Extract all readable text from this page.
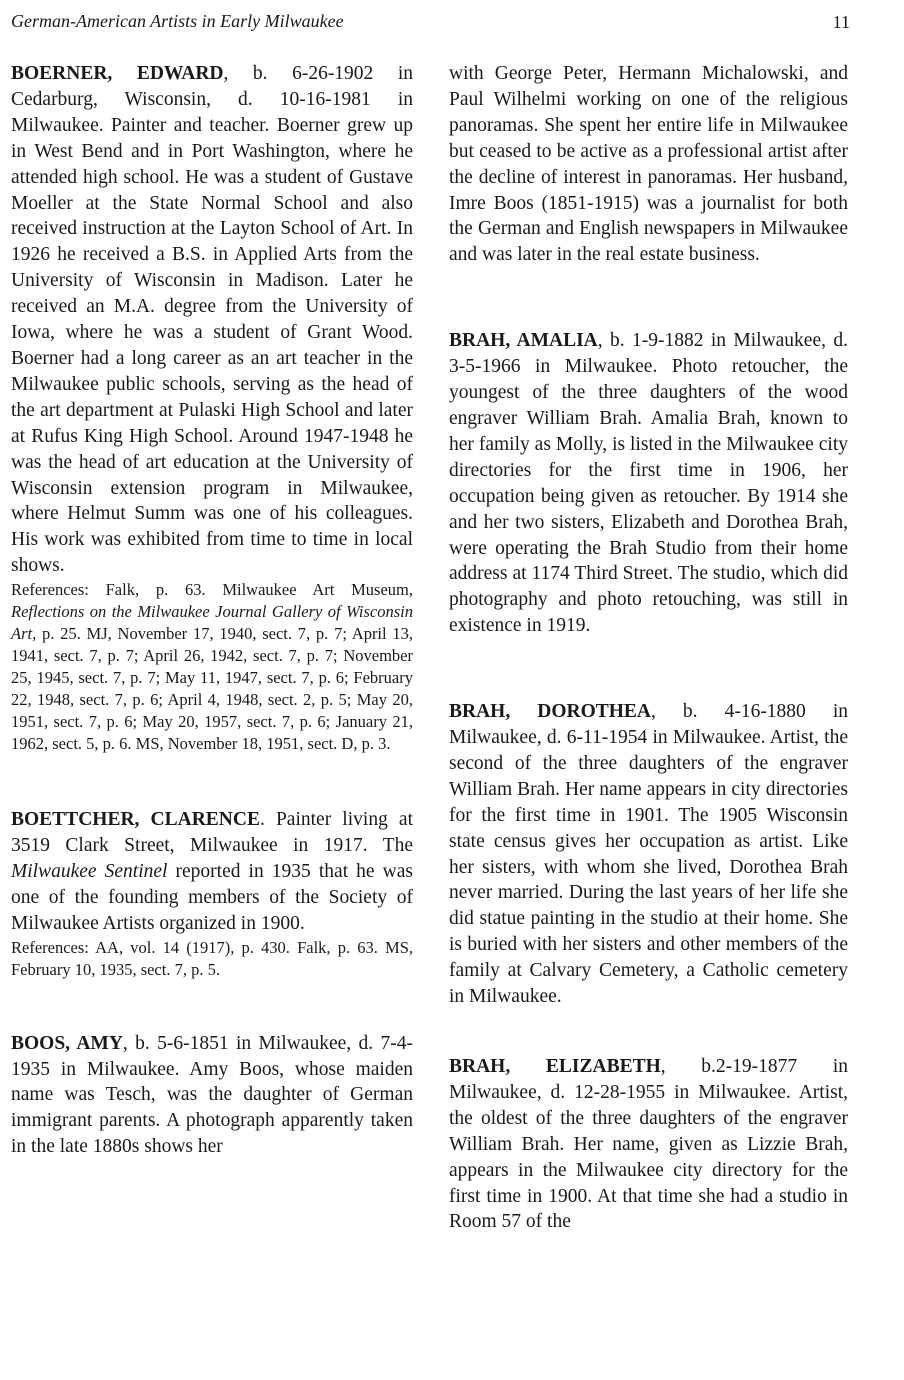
German-American Artists in Early Milwaukee	11

BOERNER, EDWARD, b. 6-26-1902 in Cedarburg, Wisconsin, d. 10-16-1981 in Milwaukee. Painter and teacher. Boerner grew up in West Bend and in Port Washington, where he attended high school. He was a student of Gustave Moeller at the State Normal School and also received instruction at the Layton School of Art. In 1926 he received a B.S. in Applied Arts from the University of Wisconsin in Madison. Later he received an M.A. degree from the University of Iowa, where he was a student of Grant Wood. Boerner had a long career as an art teacher in the Milwaukee public schools, serving as the head of the art department at Pulaski High School and later at Rufus King High School. Around 1947-1948 he was the head of art education at the University of Wisconsin extension program in Milwaukee, where Helmut Summ was one of his colleagues. His work was exhibited from time to time in local shows.

References: Falk, p. 63. Milwaukee Art Museum, Reflections on the Milwaukee Journal Gallery of Wisconsin Art, p. 25. MJ, November 17, 1940, sect. 7, p. 7; April 13, 1941, sect. 7, p. 7; April 26, 1942, sect. 7, p. 7; November 25, 1945, sect. 7, p. 7; May 11, 1947, sect. 7, p. 6; February 22, 1948, sect. 7, p. 6; April 4, 1948, sect. 2, p. 5; May 20, 1951, sect. 7, p. 6; May 20, 1957, sect. 7, p. 6; January 21, 1962, sect. 5, p. 6. MS, November 18, 1951, sect. D, p. 3.

BOETTCHER, CLARENCE. Painter living at 3519 Clark Street, Milwaukee in 1917. The Milwaukee Sentinel reported in 1935 that he was one of the founding members of the Society of Milwaukee Artists organized in 1900.

References: AA, vol. 14 (1917), p. 430. Falk, p. 63. MS, February 10, 1935, sect. 7, p. 5.

BOOS, AMY, b. 5-6-1851 in Milwaukee, d. 7-4-1935 in Milwaukee. Amy Boos, whose maiden name was Tesch, was the daughter of German immigrant parents. A photograph apparently taken in the late 1880s shows her

with George Peter, Hermann Michalowski, and Paul Wilhelmi working on one of the religious panoramas. She spent her entire life in Milwaukee but ceased to be active as a professional artist after the decline of interest in panoramas. Her husband, Imre Boos (1851-1915) was a journalist for both the German and English newspapers in Milwaukee and was later in the real estate business.

BRAH, AMALIA, b. 1-9-1882 in Milwaukee, d. 3-5-1966 in Milwaukee. Photo retoucher, the youngest of the three daughters of the wood engraver William Brah. Amalia Brah, known to her family as Molly, is listed in the Milwaukee city directories for the first time in 1906, her occupation being given as retoucher. By 1914 she and her two sisters, Elizabeth and Dorothea Brah, were operating the Brah Studio from their home address at 1174 Third Street. The studio, which did photography and photo retouching, was still in existence in 1919.

BRAH, DOROTHEA, b. 4-16-1880 in Milwaukee, d. 6-11-1954 in Milwaukee. Artist, the second of the three daughters of the engraver William Brah. Her name appears in city directories for the first time in 1901. The 1905 Wisconsin state census gives her occupation as artist. Like her sisters, with whom she lived, Dorothea Brah never married. During the last years of her life she did statue painting in the studio at their home. She is buried with her sisters and other members of the family at Calvary Cemetery, a Catholic cemetery in Milwaukee.

BRAH, ELIZABETH, b.2-19-1877 in Milwaukee, d. 12-28-1955 in Milwaukee. Artist, the oldest of the three daughters of the engraver William Brah. Her name, given as Lizzie Brah, appears in the Milwaukee city directory for the first time in 1900. At that time she had a studio in Room 57 of the
